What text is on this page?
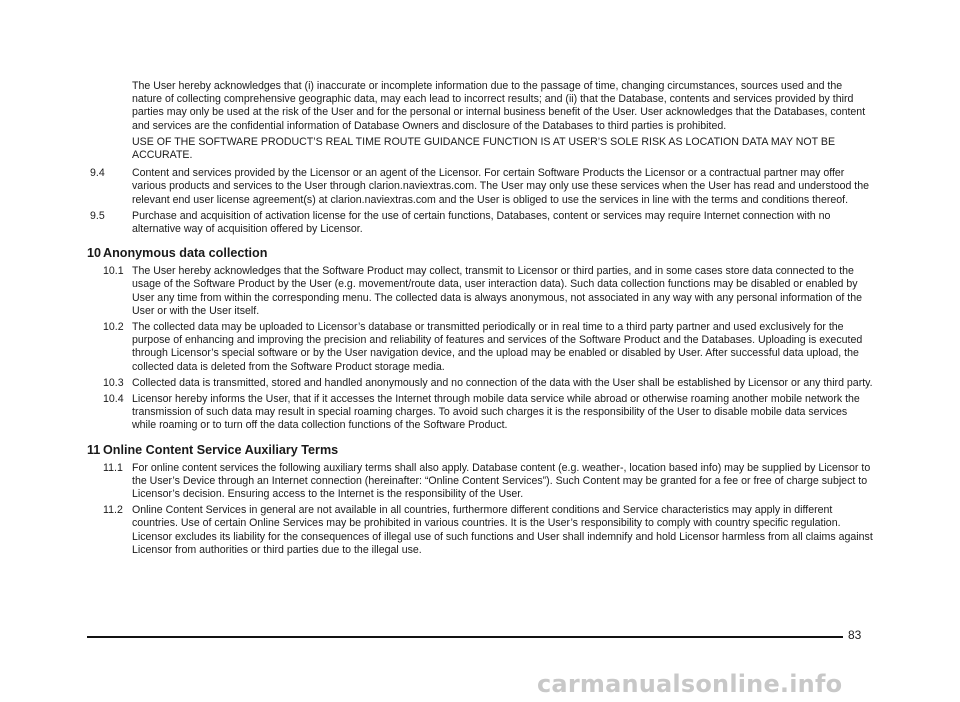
The User hereby acknowledges that (i) inaccurate or incomplete information due to the passage of time, changing circumstances, sources used and the nature of collecting comprehensive geographic data, may each lead to incorrect results; and (ii) that the Database, contents and services provided by third parties may only be used at the risk of the User and for the personal or internal business benefit of the User. User acknowledges that the Databases, content and services are the confidential information of Database Owners and disclosure of the Databases to third parties is prohibited.

USE OF THE SOFTWARE PRODUCT’S REAL TIME ROUTE GUIDANCE FUNCTION IS AT USER’S SOLE RISK AS LOCATION DATA MAY NOT BE ACCURATE.

9.4	Content and services provided by the Licensor or an agent of the Licensor. For certain Software Products the Licensor or a contractual partner may offer various products and services to the User through clarion.naviextras.com. The User may only use these services when the User has read and understood the relevant end user license agreement(s) at clarion.naviextras.com and the User is obliged to use the services in line with the terms and conditions thereof.

9.5	Purchase and acquisition of activation license for the use of certain functions, Databases, content or services may require Internet connection with no alternative way of acquisition offered by Licensor.

10 Anonymous data collection
10.1 The User hereby acknowledges that the Software Product may collect, transmit to Licensor or third parties, and in some cases store data connected to the usage of the Software Product by the User (e.g. movement/route data, user interaction data). Such data collection functions may be disabled or enabled by User any time from within the corresponding menu. The collected data is always anonymous, not associated in any way with any personal information of the User or with the User itself.

10.2 The collected data may be uploaded to Licensor’s database or transmitted periodically or in real time to a third party partner and used exclusively for the purpose of enhancing and improving the precision and reliability of features and services of the Software Product and the Databases. Uploading is executed through Licensor’s special software or by the User navigation device, and the upload may be enabled or disabled by User. After successful data upload, the collected data is deleted from the Software Product storage media.

10.3 Collected data is transmitted, stored and handled anonymously and no connection of the data with the User shall be established by Licensor or any third party.

10.4 Licensor hereby informs the User, that if it accesses the Internet through mobile data service while abroad or otherwise roaming another mobile network the transmission of such data may result in special roaming charges. To avoid such charges it is the responsibility of the User to disable mobile data services while roaming or to turn off the data collection functions of the Software Product.

11 Online Content Service Auxiliary Terms
11.1 For online content services the following auxiliary terms shall also apply. Database content (e.g. weather-, location based info) may be supplied by Licensor to the User’s Device through an Internet connection (hereinafter: “Online Content Services”). Such Content may be granted for a fee or free of charge subject to Licensor’s decision. Ensuring access to the Internet is the responsibility of the User.

11.2 Online Content Services in general are not available in all countries, furthermore different conditions and Service characteristics may apply in different countries. Use of certain Online Services may be prohibited in various countries. It is the User’s responsibility to comply with country specific regulation. Licensor excludes its liability for the consequences of illegal use of such functions and User shall indemnify and hold Licensor harmless from all claims against Licensor from authorities or third parties due to the illegal use.

83
carmanualsonline.info
